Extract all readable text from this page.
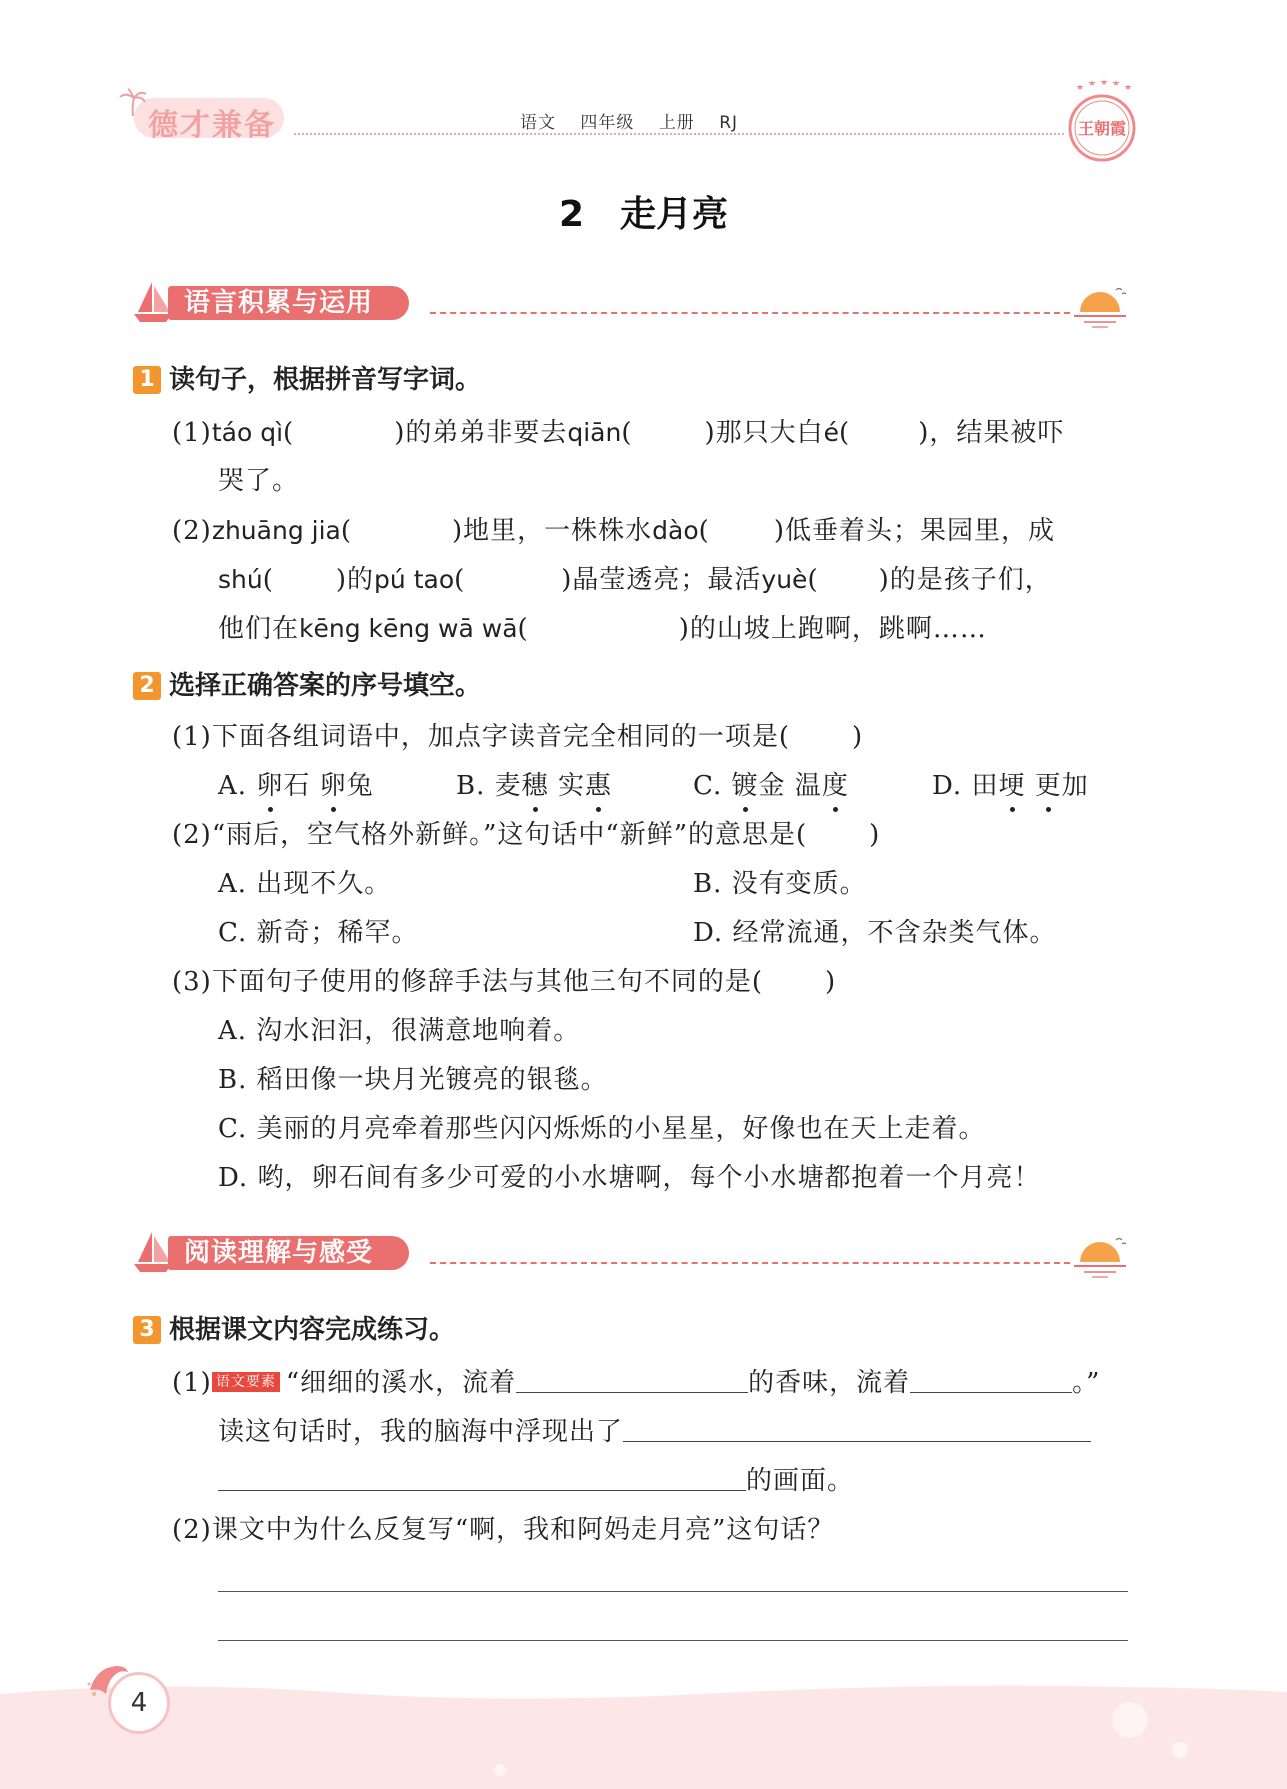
德才兼备	语文 四年级 上册 RJ	王朝霞
2　走月亮
语言积累与运用
1 读句子，根据拼音写字词。
(1)táo qì(	)的弟弟非要去qiān(	)那只大白é(	)，结果被吓
哭了。
(2)zhuāng jia(	)地里，一株株水dào( )低垂着头；果园里，成
shú( )的pú tao(	)晶莹透亮；最活yuè( )的是孩子们，
他们在kēng kēng wā wā(	)的山坡上跑啊，跳啊……
2 选择正确答案的序号填空。
(1)下面各组词语中，加点字读音完全相同的一项是( )
A. 卵石 卵兔	B. 麦穗 实惠	C. 镀金 温度	D. 田埂 更加
(2)“雨后，空气格外新鲜。”这句话中“新鲜”的意思是( )
A. 出现不久。	B. 没有变质。
C. 新奇；稀罕。	D. 经常流通，不含杂类气体。
(3)下面句子使用的修辞手法与其他三句不同的是( )
A. 沟水汩汩，很满意地响着。
B. 稻田像一块月光镀亮的银毯。
C. 美丽的月亮牵着那些闪闪烁烁的小星星，好像也在天上走着。
D. 哟，卵石间有多少可爱的小水塘啊，每个小水塘都抱着一个月亮！
阅读理解与感受
3 根据课文内容完成练习。
(1) 语文要素 “细细的溪水，流着	的香味，流着	。”
读这句话时，我的脑海中浮现出了
的画面。
(2)课文中为什么反复写“啊，我和阿妈走月亮”这句话？
4
